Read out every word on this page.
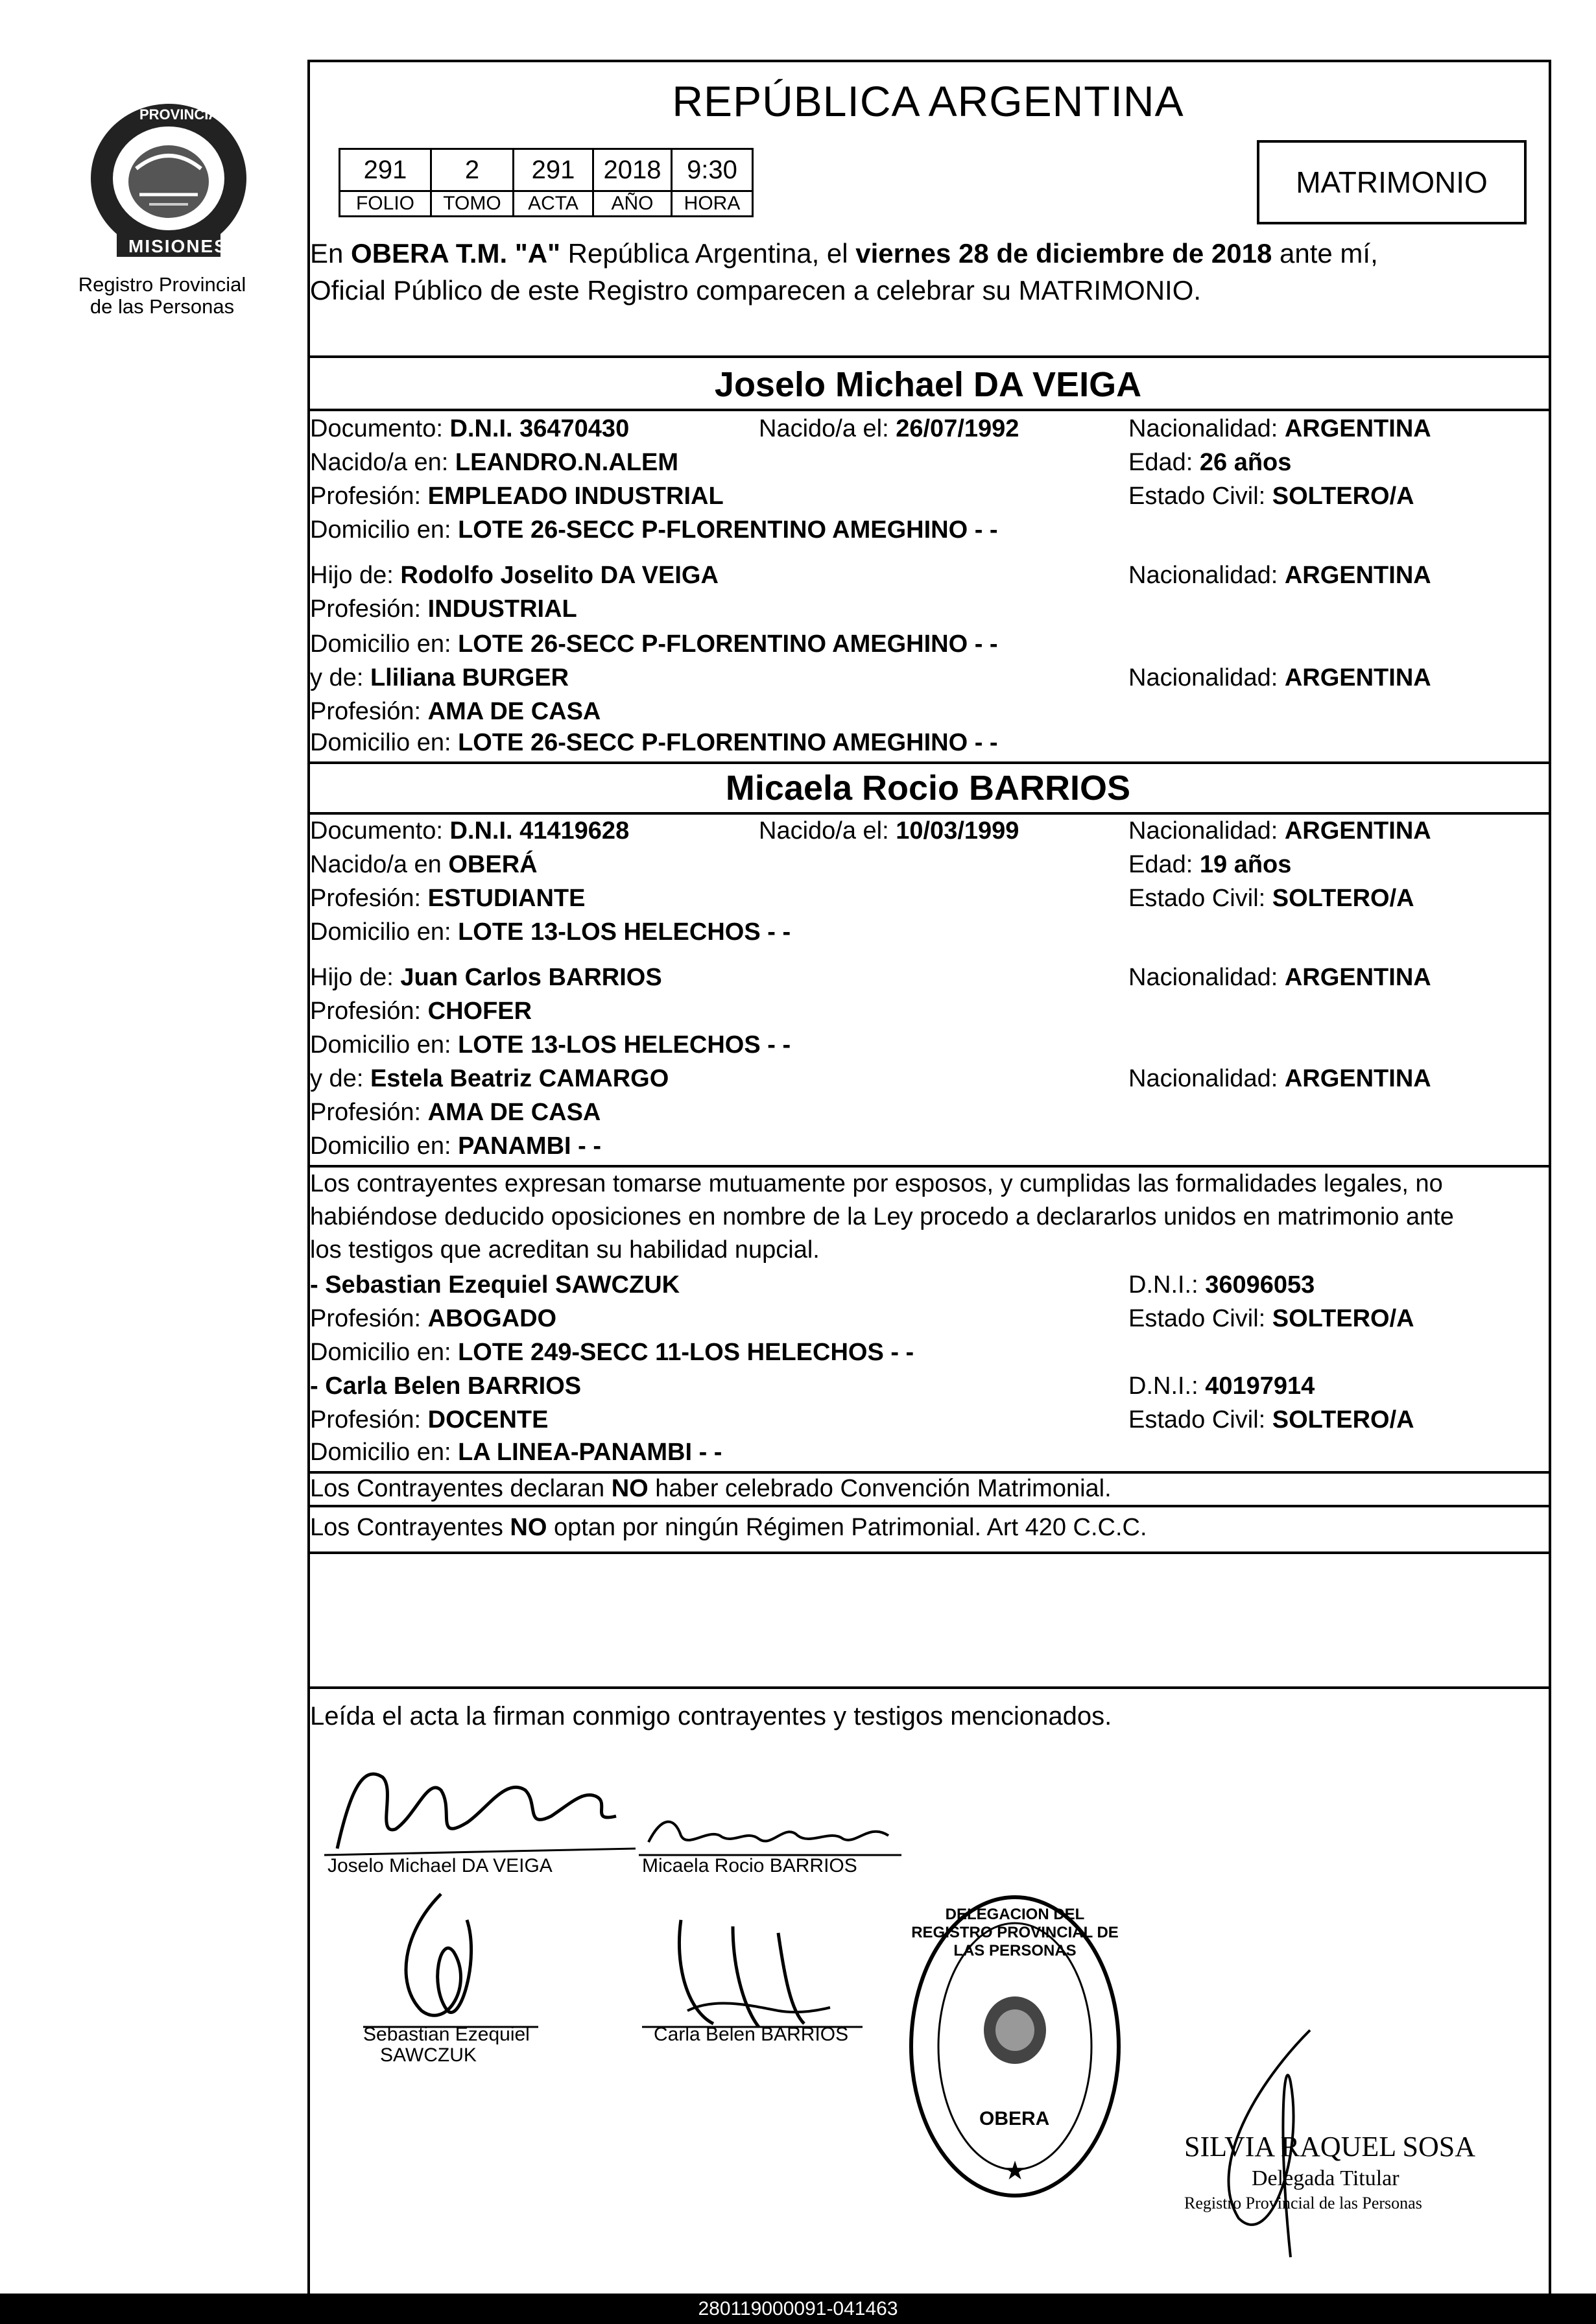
PROVINCIA DE
MISIONES
Registro Provincial
de las Personas
REPÚBLICA ARGENTINA
291	2	291	2018	9:30
FOLIO	TOMO	ACTA	AÑO	HORA
MATRIMONIO
En OBERA T.M. "A" República Argentina, el viernes 28 de diciembre de 2018 ante mí,
Oficial Público de este Registro comparecen a celebrar su MATRIMONIO.
Joselo Michael DA VEIGA
Documento: D.N.I. 36470430	Nacido/a el: 26/07/1992	Nacionalidad: ARGENTINA
Nacido/a en: LEANDRO.N.ALEM	Edad: 26 años
Profesión: EMPLEADO INDUSTRIAL	Estado Civil: SOLTERO/A
Domicilio en: LOTE 26-SECC P-FLORENTINO AMEGHINO - -
Hijo de: Rodolfo Joselito DA VEIGA	Nacionalidad: ARGENTINA
Profesión: INDUSTRIAL
Domicilio en: LOTE 26-SECC P-FLORENTINO AMEGHINO - -
y de: Lliliana BURGER	Nacionalidad: ARGENTINA
Profesión: AMA DE CASA
Domicilio en: LOTE 26-SECC P-FLORENTINO AMEGHINO - -
Micaela Rocio BARRIOS
Documento: D.N.I. 41419628	Nacido/a el: 10/03/1999	Nacionalidad: ARGENTINA
Nacido/a en OBERÁ	Edad: 19 años
Profesión: ESTUDIANTE	Estado Civil: SOLTERO/A
Domicilio en: LOTE 13-LOS HELECHOS - -
Hijo de: Juan Carlos BARRIOS	Nacionalidad: ARGENTINA
Profesión: CHOFER
Domicilio en: LOTE 13-LOS HELECHOS - -
y de: Estela Beatriz CAMARGO	Nacionalidad: ARGENTINA
Profesión: AMA DE CASA
Domicilio en: PANAMBI - -
Los contrayentes expresan tomarse mutuamente por esposos, y cumplidas las formalidades legales, no
habiéndose deducido oposiciones en nombre de la Ley procedo a declararlos unidos en matrimonio ante
los testigos que acreditan su habilidad nupcial.
- Sebastian Ezequiel SAWCZUK	D.N.I.: 36096053
Profesión: ABOGADO	Estado Civil: SOLTERO/A
Domicilio en: LOTE 249-SECC 11-LOS HELECHOS - -
- Carla Belen BARRIOS	D.N.I.: 40197914
Profesión: DOCENTE	Estado Civil: SOLTERO/A
Domicilio en: LA LINEA-PANAMBI - -
Los Contrayentes declaran NO haber celebrado Convención Matrimonial.
Los Contrayentes NO optan por ningún Régimen Patrimonial. Art 420 C.C.C.
Leída el acta la firman conmigo contrayentes y testigos mencionados.
Joselo Michael DA VEIGA	Micaela Rocio BARRIOS
Sebastian Ezequiel
SAWCZUK
Carla Belen BARRIOS
★
DELEGACION DEL REGISTRO PROVINCIAL DE LAS PERSONAS
OBERA
SILVIA RAQUEL SOSA
Delegada Titular
Registro Provincial de las Personas
280119000091-041463
